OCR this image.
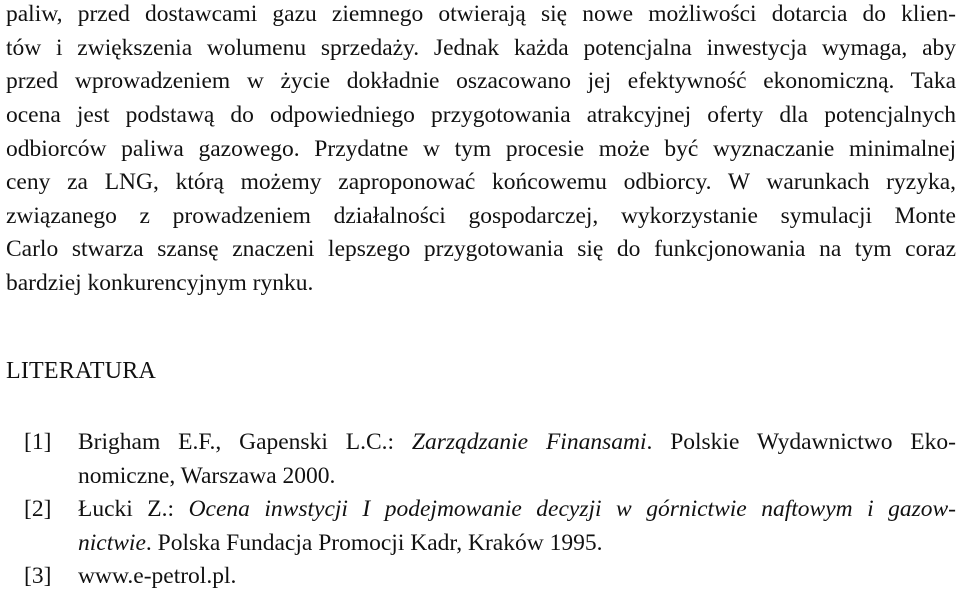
paliw, przed dostawcami gazu ziemnego otwierają się nowe możliwości dotarcia do klien-
tów i zwiększenia wolumenu sprzedaży. Jednak każda potencjalna inwestycja wymaga, aby
przed wprowadzeniem w życie dokładnie oszacowano jej efektywność ekonomiczną. Taka
ocena jest podstawą do odpowiedniego przygotowania atrakcyjnej oferty dla potencjalnych
odbiorców paliwa gazowego. Przydatne w tym procesie może być wyznaczanie minimalnej
ceny za LNG, którą możemy zaproponować końcowemu odbiorcy. W warunkach ryzyka,
związanego z prowadzeniem działalności gospodarczej, wykorzystanie symulacji Monte
Carlo stwarza szansę znaczeni lepszego przygotowania się do funkcjonowania na tym coraz
bardziej konkurencyjnym rynku.
LITERATURA
[1] Brigham E.F., Gapenski L.C.: Zarządzanie Finansami. Polskie Wydawnictwo Eko-
nomiczne, Warszawa 2000.
[2] Łucki Z.: Ocena inwstycji I podejmowanie decyzji w górnictwie naftowym i gazow-
nictwie. Polska Fundacja Promocji Kadr, Kraków 1995.
[3] www.e-petrol.pl.
